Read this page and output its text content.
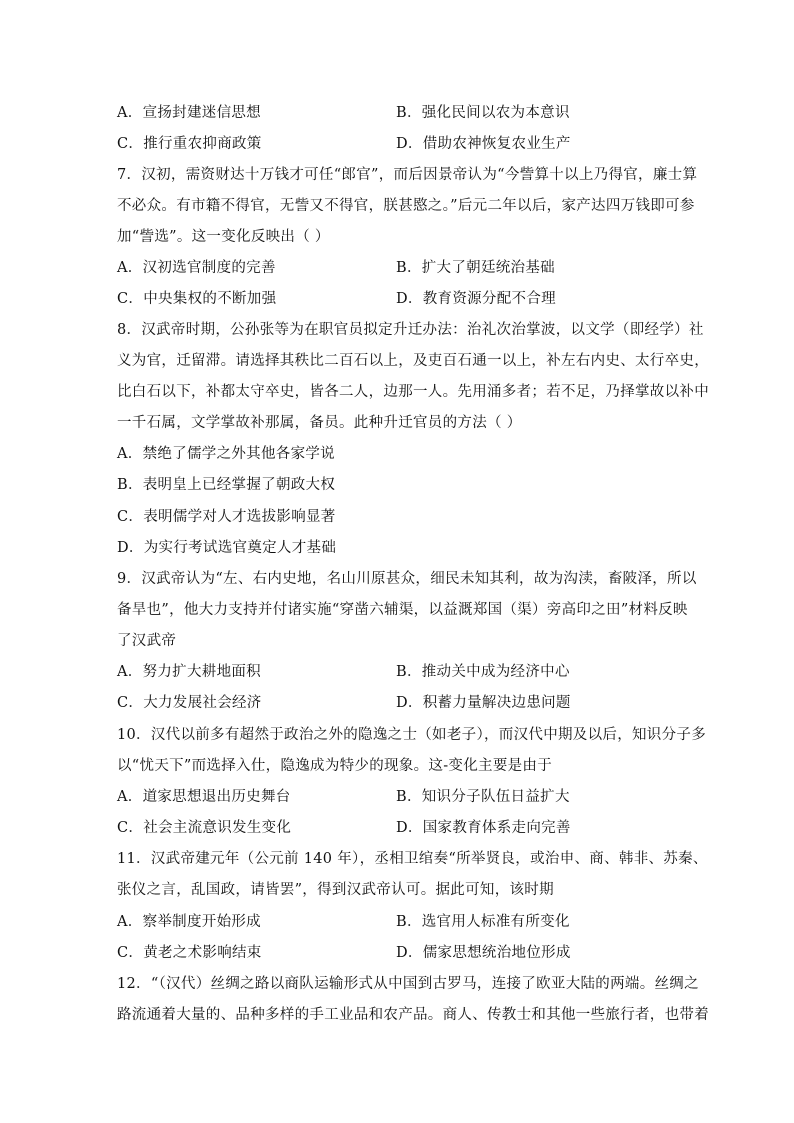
A．宣扬封建迷信思想	B．强化民间以农为本意识
C．推行重农抑商政策	D．借助农神恢复农业生产
7．汉初，需资财达十万钱才可任“郎官”，而后因景帝认为“今訾算十以上乃得官，廉士算
不必众。有市籍不得官，无訾又不得官，朕甚愍之。”后元二年以后，家产达四万钱即可参
加“訾选”。这一变化反映出（ ）
A．汉初选官制度的完善	B．扩大了朝廷统治基础
C．中央集权的不断加强	D．教育资源分配不合理
8．汉武帝时期，公孙张等为在职官员拟定升迁办法：治礼次治掌波，以文学（即经学）社
义为官，迁留滞。请选择其秩比二百石以上，及吏百石通一以上，补左右内史、太行卒史，
比白石以下，补都太守卒史，皆各二人，边那一人。先用涌多者；若不足，乃择掌故以补中
一千石属，文学掌故补那属，备员。此种升迁官员的方法（ ）
A．禁绝了儒学之外其他各家学说
B．表明皇上已经掌握了朝政大权
C．表明儒学对人才选拔影响显著
D．为实行考试选官奠定人才基础
9．汉武帝认为“左、右内史地，名山川原甚众，细民未知其利，故为沟渎，畜陂泽，所以
备旱也”，他大力支持并付诸实施“穿凿六辅渠，以益溉郑国（渠）旁高印之田”材料反映
了汉武帝
A．努力扩大耕地面积	B．推动关中成为经济中心
C．大力发展社会经济	D．积蓄力量解决边患问题
10．汉代以前多有超然于政治之外的隐逸之士（如老子），而汉代中期及以后，知识分子多
以“忧天下”而选择入仕，隐逸成为特少的现象。这-变化主要是由于
A．道家思想退出历史舞台	B．知识分子队伍日益扩大
C．社会主流意识发生变化	D．国家教育体系走向完善
11．汉武帝建元年（公元前 140 年），丞相卫绾奏“所举贤良，或治申、商、韩非、苏秦、
张仪之言，乱国政，请皆罢”，得到汉武帝认可。据此可知，该时期
A．察举制度开始形成	B．选官用人标准有所变化
C．黄老之术影响结束	D．儒家思想统治地位形成
12．“（汉代）丝绸之路以商队运输形式从中国到古罗马，连接了欧亚大陆的两端。丝绸之
路流通着大量的、品种多样的手工业品和农产品。商人、传教士和其他一些旅行者，也带着
